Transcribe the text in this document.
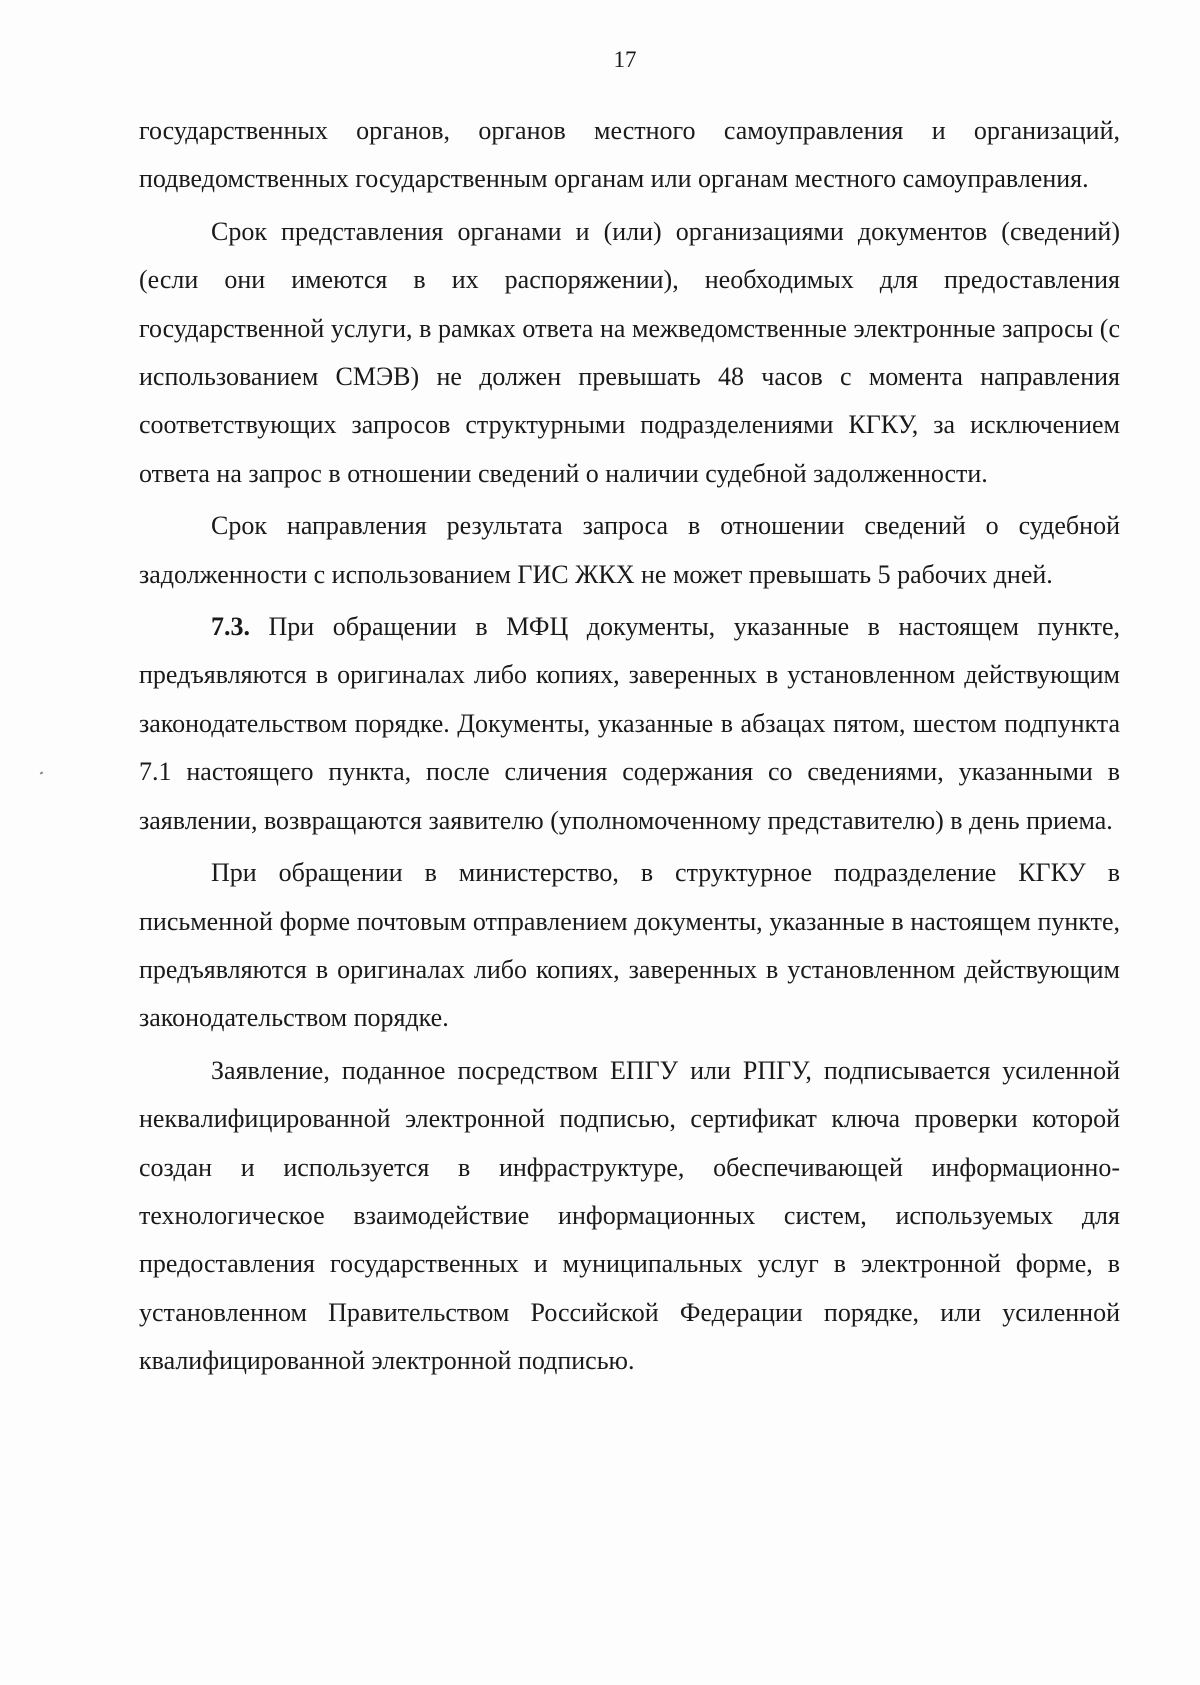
17

государственных органов, органов местного самоуправления и организаций, подведомственных государственным органам или органам местного самоуправления.

Срок представления органами и (или) организациями документов (сведений) (если они имеются в их распоряжении), необходимых для предоставления государственной услуги, в рамках ответа на межведомственные электронные запросы (с использованием СМЭВ) не должен превышать 48 часов с момента направления соответствующих запросов структурными подразделениями КГКУ, за исключением ответа на запрос в отношении сведений о наличии судебной задолженности.

Срок направления результата запроса в отношении сведений о судебной задолженности с использованием ГИС ЖКХ не может превышать 5 рабочих дней.

7.3. При обращении в МФЦ документы, указанные в настоящем пункте, предъявляются в оригиналах либо копиях, заверенных в установленном действующим законодательством порядке. Документы, указанные в абзацах пятом, шестом подпункта 7.1 настоящего пункта, после сличения содержания со сведениями, указанными в заявлении, возвращаются заявителю (уполномоченному представителю) в день приема.

При обращении в министерство, в структурное подразделение КГКУ в письменной форме почтовым отправлением документы, указанные в настоящем пункте, предъявляются в оригиналах либо копиях, заверенных в установленном действующим законодательством порядке.

Заявление, поданное посредством ЕПГУ или РПГУ, подписывается усиленной неквалифицированной электронной подписью, сертификат ключа проверки которой создан и используется в инфраструктуре, обеспечивающей информационно-технологическое взаимодействие информационных систем, используемых для предоставления государственных и муниципальных услуг в электронной форме, в установленном Правительством Российской Федерации порядке, или усиленной квалифицированной электронной подписью.
